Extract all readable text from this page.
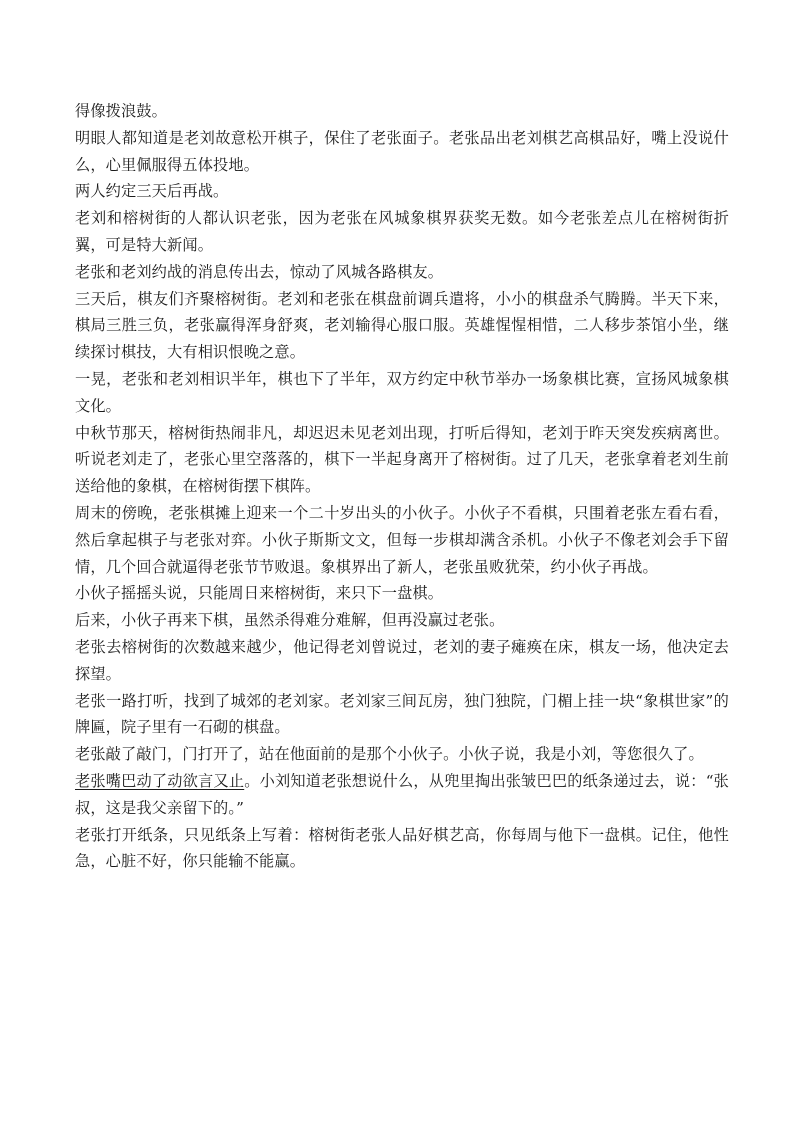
得像拨浪鼓。

明眼人都知道是老刘故意松开棋子，保住了老张面子。老张品出老刘棋艺高棋品好，嘴上没说什么，心里佩服得五体投地。

两人约定三天后再战。

老刘和榕树街的人都认识老张，因为老张在风城象棋界获奖无数。如今老张差点儿在榕树街折翼，可是特大新闻。

老张和老刘约战的消息传出去，惊动了风城各路棋友。

三天后，棋友们齐聚榕树街。老刘和老张在棋盘前调兵遣将，小小的棋盘杀气腾腾。半天下来，棋局三胜三负，老张赢得浑身舒爽，老刘输得心服口服。英雄惺惺相惜，二人移步茶馆小坐，继续探讨棋技，大有相识恨晚之意。

一晃，老张和老刘相识半年，棋也下了半年，双方约定中秋节举办一场象棋比赛，宣扬风城象棋文化。

中秋节那天，榕树街热闹非凡，却迟迟未见老刘出现，打听后得知，老刘于昨天突发疾病离世。听说老刘走了，老张心里空落落的，棋下一半起身离开了榕树街。过了几天，老张拿着老刘生前送给他的象棋，在榕树街摆下棋阵。

周末的傍晚，老张棋摊上迎来一个二十岁出头的小伙子。小伙子不看棋，只围着老张左看右看，然后拿起棋子与老张对弈。小伙子斯斯文文，但每一步棋却满含杀机。小伙子不像老刘会手下留情，几个回合就逼得老张节节败退。象棋界出了新人，老张虽败犹荣，约小伙子再战。

小伙子摇摇头说，只能周日来榕树街，来只下一盘棋。

后来，小伙子再来下棋，虽然杀得难分难解，但再没赢过老张。

老张去榕树街的次数越来越少，他记得老刘曾说过，老刘的妻子瘫痪在床，棋友一场，他决定去探望。

老张一路打听，找到了城郊的老刘家。老刘家三间瓦房，独门独院，门楣上挂一块“象棋世家”的牌匾，院子里有一石砌的棋盘。

老张敲了敲门，门打开了，站在他面前的是那个小伙子。小伙子说，我是小刘，等您很久了。

老张嘴巴动了动欲言又止。小刘知道老张想说什么，从兜里掏出张皱巴巴的纸条递过去，说：“张叔，这是我父亲留下的。”

老张打开纸条，只见纸条上写着：榕树街老张人品好棋艺高，你每周与他下一盘棋。记住，他性急，心脏不好，你只能输不能赢。
